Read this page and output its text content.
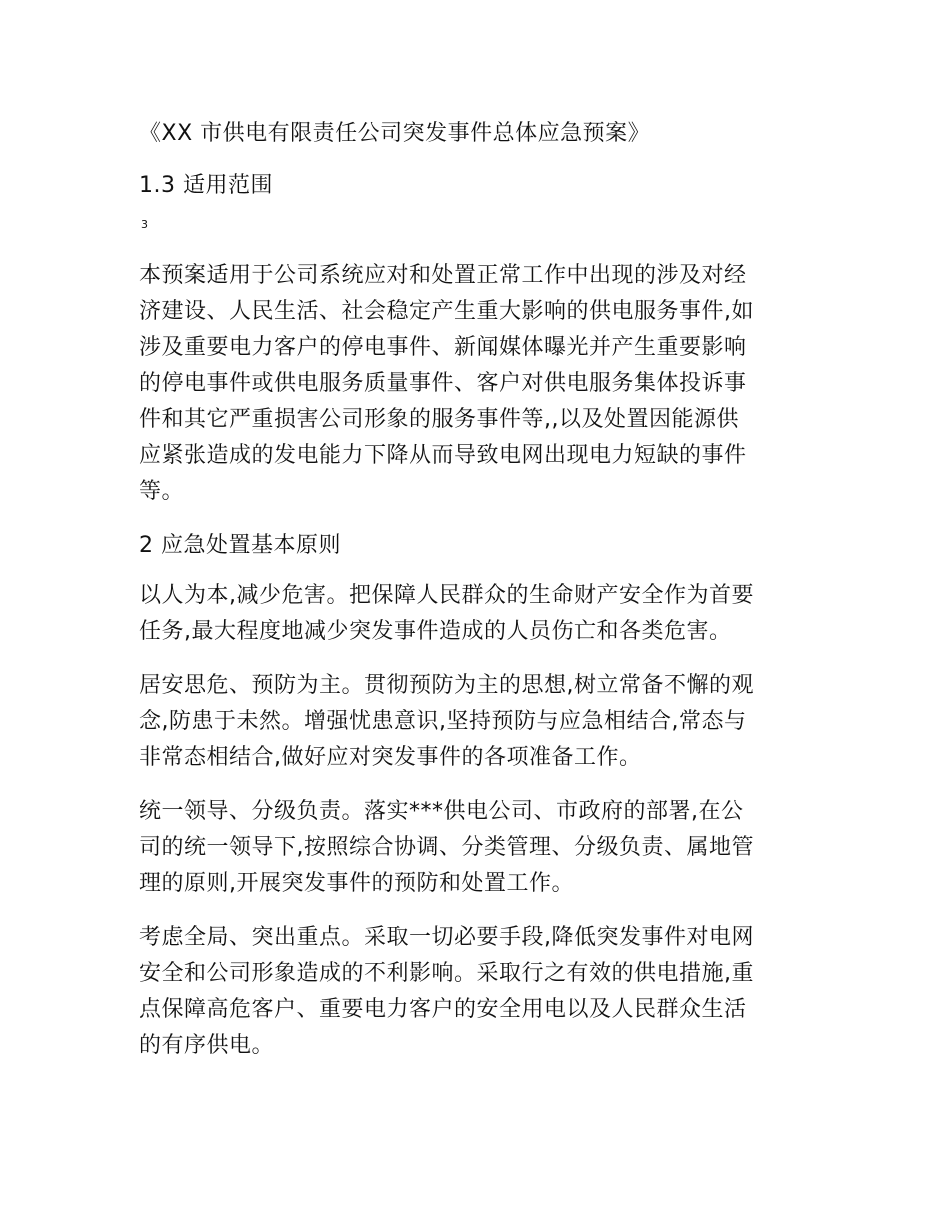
《XX 市供电有限责任公司突发事件总体应急预案》
1.3 适用范围
3
本预案适用于公司系统应对和处置正常工作中出现的涉及对经
济建设、人民生活、社会稳定产生重大影响的供电服务事件,如
涉及重要电力客户的停电事件、新闻媒体曝光并产生重要影响
的停电事件或供电服务质量事件、客户对供电服务集体投诉事
件和其它严重损害公司形象的服务事件等,,以及处置因能源供
应紧张造成的发电能力下降从而导致电网出现电力短缺的事件
等。
2 应急处置基本原则
以人为本,减少危害。把保障人民群众的生命财产安全作为首要
任务,最大程度地减少突发事件造成的人员伤亡和各类危害。
居安思危、预防为主。贯彻预防为主的思想,树立常备不懈的观
念,防患于未然。增强忧患意识,坚持预防与应急相结合,常态与
非常态相结合,做好应对突发事件的各项准备工作。
统一领导、分级负责。落实***供电公司、市政府的部署,在公
司的统一领导下,按照综合协调、分类管理、分级负责、属地管
理的原则,开展突发事件的预防和处置工作。
考虑全局、突出重点。采取一切必要手段,降低突发事件对电网
安全和公司形象造成的不利影响。采取行之有效的供电措施,重
点保障高危客户、重要电力客户的安全用电以及人民群众生活
的有序供电。
